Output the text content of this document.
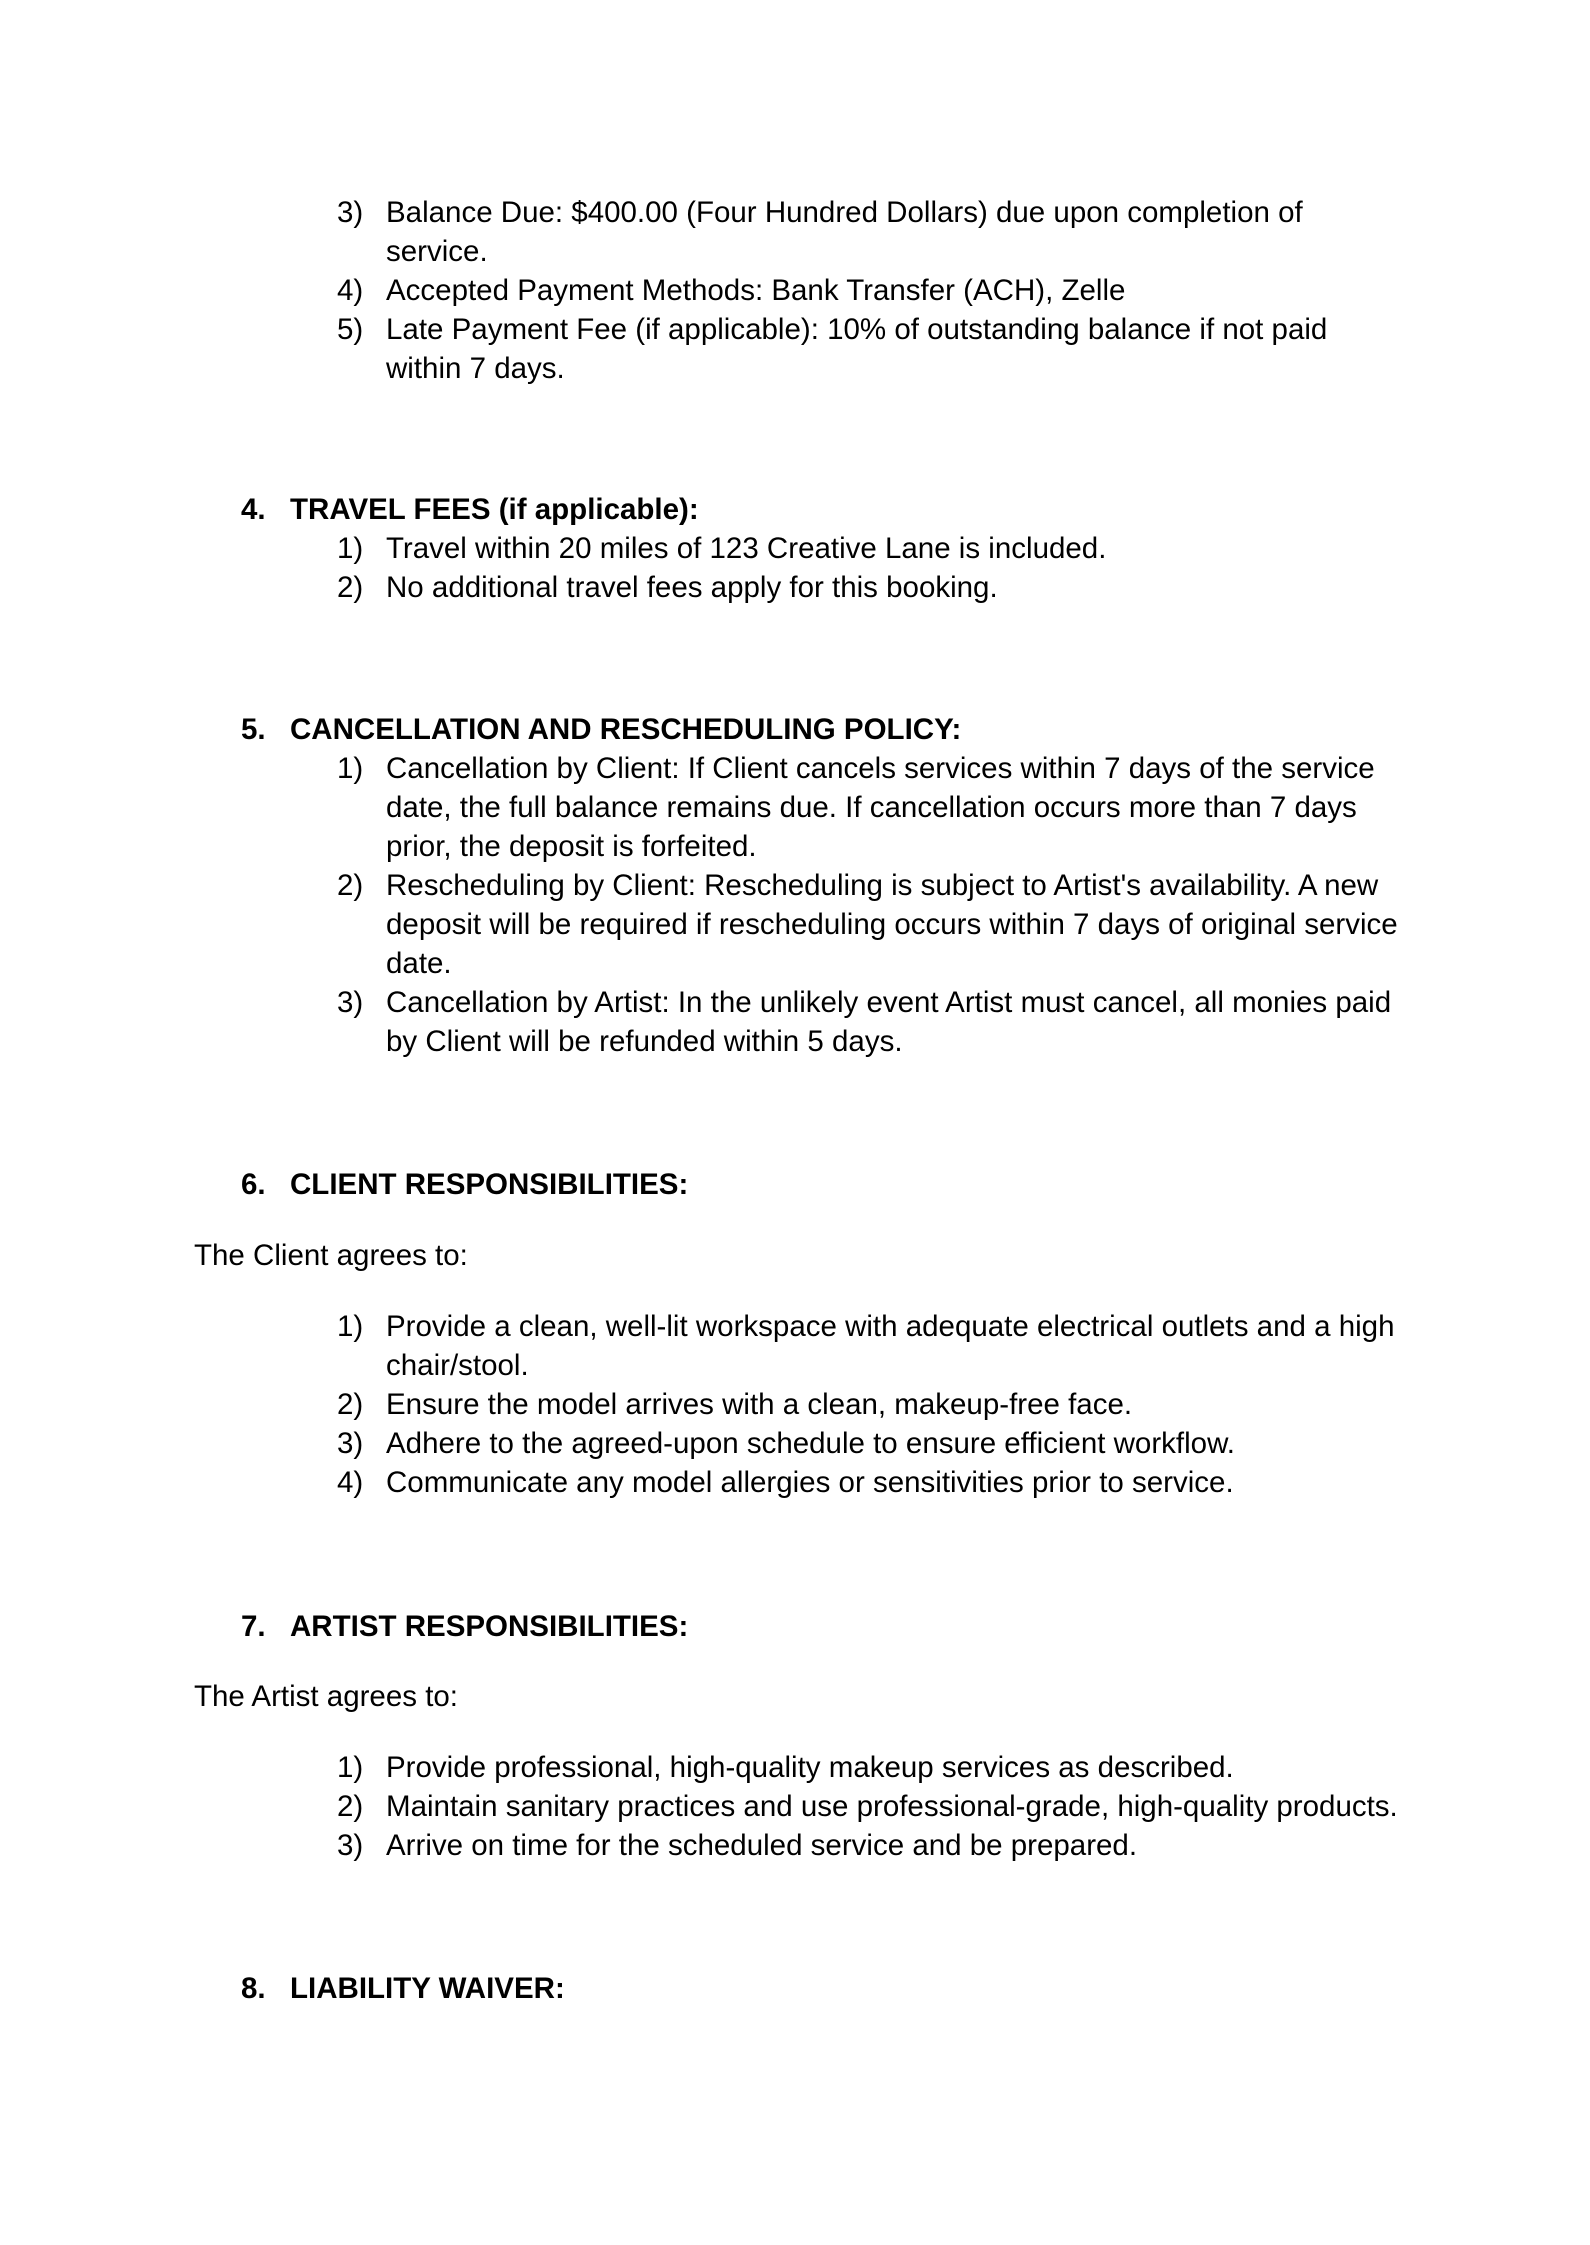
3) Balance Due: $400.00 (Four Hundred Dollars) due upon completion of service.
4) Accepted Payment Methods: Bank Transfer (ACH), Zelle
5) Late Payment Fee (if applicable): 10% of outstanding balance if not paid within 7 days.
4. TRAVEL FEES (if applicable):
1) Travel within 20 miles of 123 Creative Lane is included.
2) No additional travel fees apply for this booking.
5. CANCELLATION AND RESCHEDULING POLICY:
1) Cancellation by Client: If Client cancels services within 7 days of the service date, the full balance remains due. If cancellation occurs more than 7 days prior, the deposit is forfeited.
2) Rescheduling by Client: Rescheduling is subject to Artist's availability. A new deposit will be required if rescheduling occurs within 7 days of original service date.
3) Cancellation by Artist: In the unlikely event Artist must cancel, all monies paid by Client will be refunded within 5 days.
6. CLIENT RESPONSIBILITIES:
The Client agrees to:
1) Provide a clean, well-lit workspace with adequate electrical outlets and a high chair/stool.
2) Ensure the model arrives with a clean, makeup-free face.
3) Adhere to the agreed-upon schedule to ensure efficient workflow.
4) Communicate any model allergies or sensitivities prior to service.
7. ARTIST RESPONSIBILITIES:
The Artist agrees to:
1) Provide professional, high-quality makeup services as described.
2) Maintain sanitary practices and use professional-grade, high-quality products.
3) Arrive on time for the scheduled service and be prepared.
8. LIABILITY WAIVER:
